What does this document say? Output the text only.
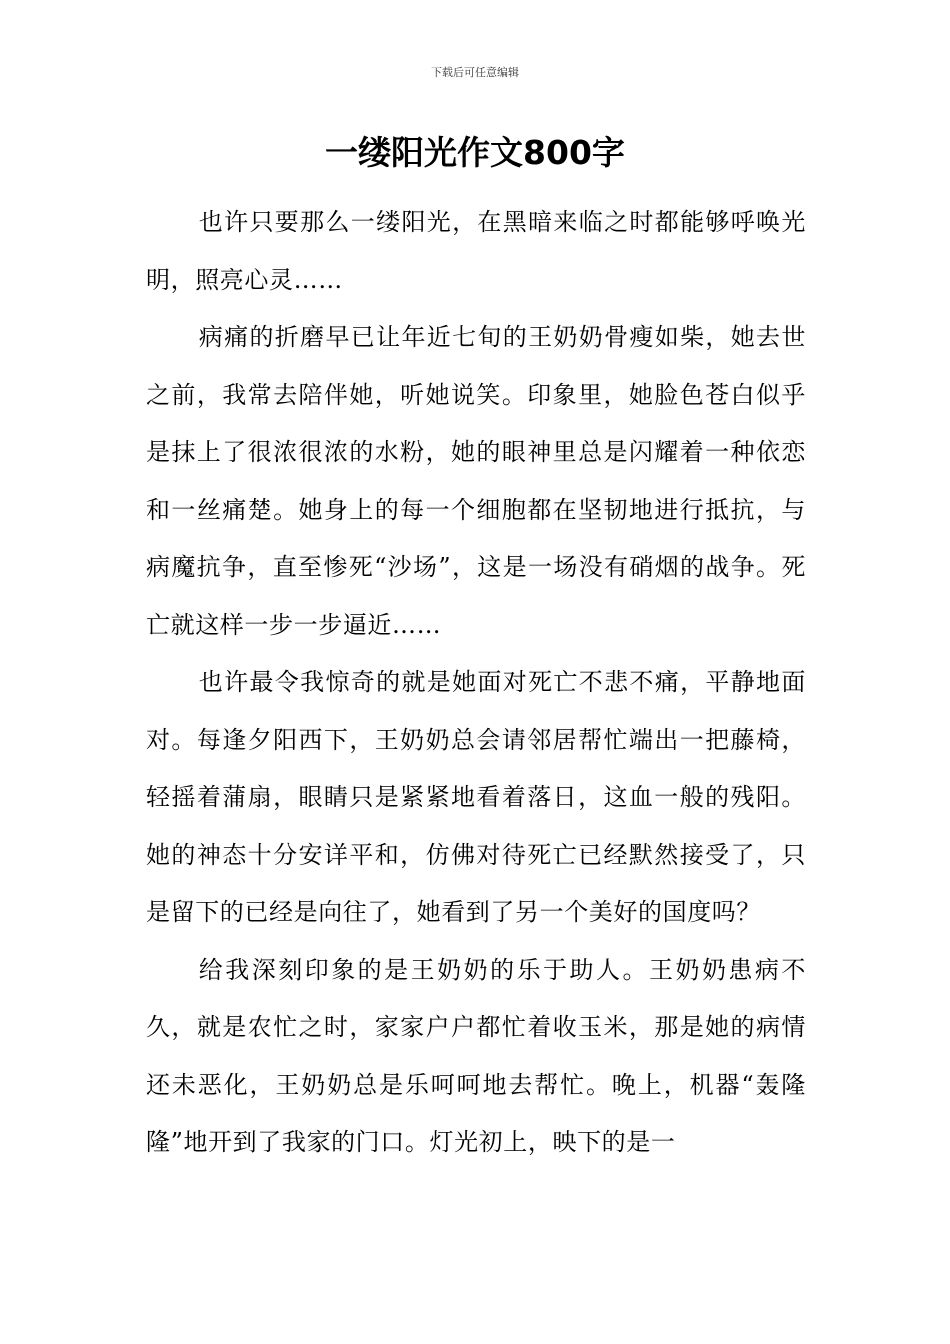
下载后可任意编辑
一缕阳光作文800字

也许只要那么一缕阳光，在黑暗来临之时都能够呼唤光明，照亮心灵……

病痛的折磨早已让年近七旬的王奶奶骨瘦如柴，她去世之前，我常去陪伴她，听她说笑。印象里，她脸色苍白似乎是抹上了很浓很浓的水粉，她的眼神里总是闪耀着一种依恋和一丝痛楚。她身上的每一个细胞都在坚韧地进行抵抗，与病魔抗争，直至惨死“沙场”，这是一场没有硝烟的战争。死亡就这样一步一步逼近……

也许最令我惊奇的就是她面对死亡不悲不痛，平静地面对。每逢夕阳西下，王奶奶总会请邻居帮忙端出一把藤椅，轻摇着蒲扇，眼睛只是紧紧地看着落日，这血一般的残阳。她的神态十分安详平和，仿佛对待死亡已经默然接受了，只是留下的已经是向往了，她看到了另一个美好的国度吗？

给我深刻印象的是王奶奶的乐于助人。王奶奶患病不久，就是农忙之时，家家户户都忙着收玉米，那是她的病情还未恶化，王奶奶总是乐呵呵地去帮忙。晚上，机器“轰隆隆”地开到了我家的门口。灯光初上，映下的是一
